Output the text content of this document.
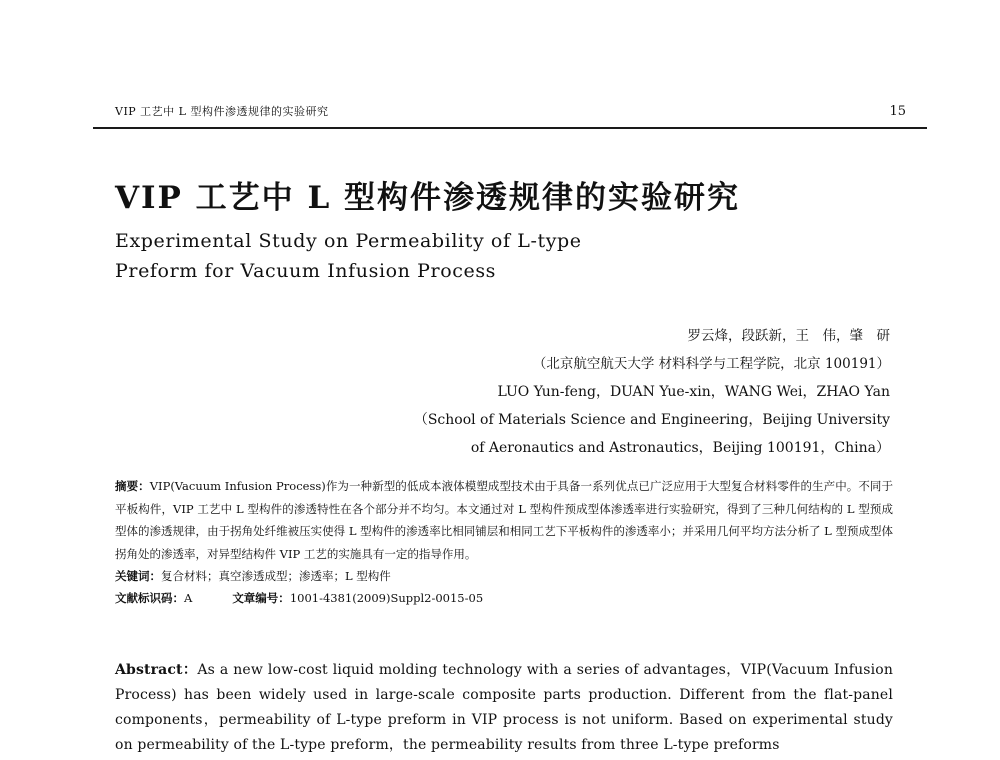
VIP 工艺中 L 型构件渗透规律的实验研究	15
VIP 工艺中 L 型构件渗透规律的实验研究
Experimental Study on Permeability of L-type
Preform for Vacuum Infusion Process
罗云烽，段跃新，王　伟，肇　研
（北京航空航天大学 材料科学与工程学院，北京 100191）
LUO Yun-feng，DUAN Yue-xin，WANG Wei，ZHAO Yan
（School of Materials Science and Engineering，Beijing University
of Aeronautics and Astronautics，Beijing 100191，China）

摘要：VIP(Vacuum Infusion Process)作为一种新型的低成本液体模塑成型技术由于具备一系列优点已广泛应用于大型复合材料零件的生产中。不同于平板构件，VIP 工艺中 L 型构件的渗透特性在各个部分并不均匀。本文通过对 L 型构件预成型体渗透率进行实验研究，得到了三种几何结构的 L 型预成型体的渗透规律，由于拐角处纤维被压实使得 L 型构件的渗透率比相同铺层和相同工艺下平板构件的渗透率小；并采用几何平均方法分析了 L 型预成型体拐角处的渗透率，对异型结构件 VIP 工艺的实施具有一定的指导作用。

关键词：复合材料；真空渗透成型；渗透率；L 型构件

文献标识码：A	文章编号：1001-4381(2009)Suppl2-0015-05

Abstract：As a new low-cost liquid molding technology with a series of advantages，VIP(Vacuum Infusion Process) has been widely used in large-scale composite parts production. Different from the flat-panel components，permeability of L-type preform in VIP process is not uniform. Based on experimental study on permeability of the L-type preform，the permeability results from three L-type preforms
